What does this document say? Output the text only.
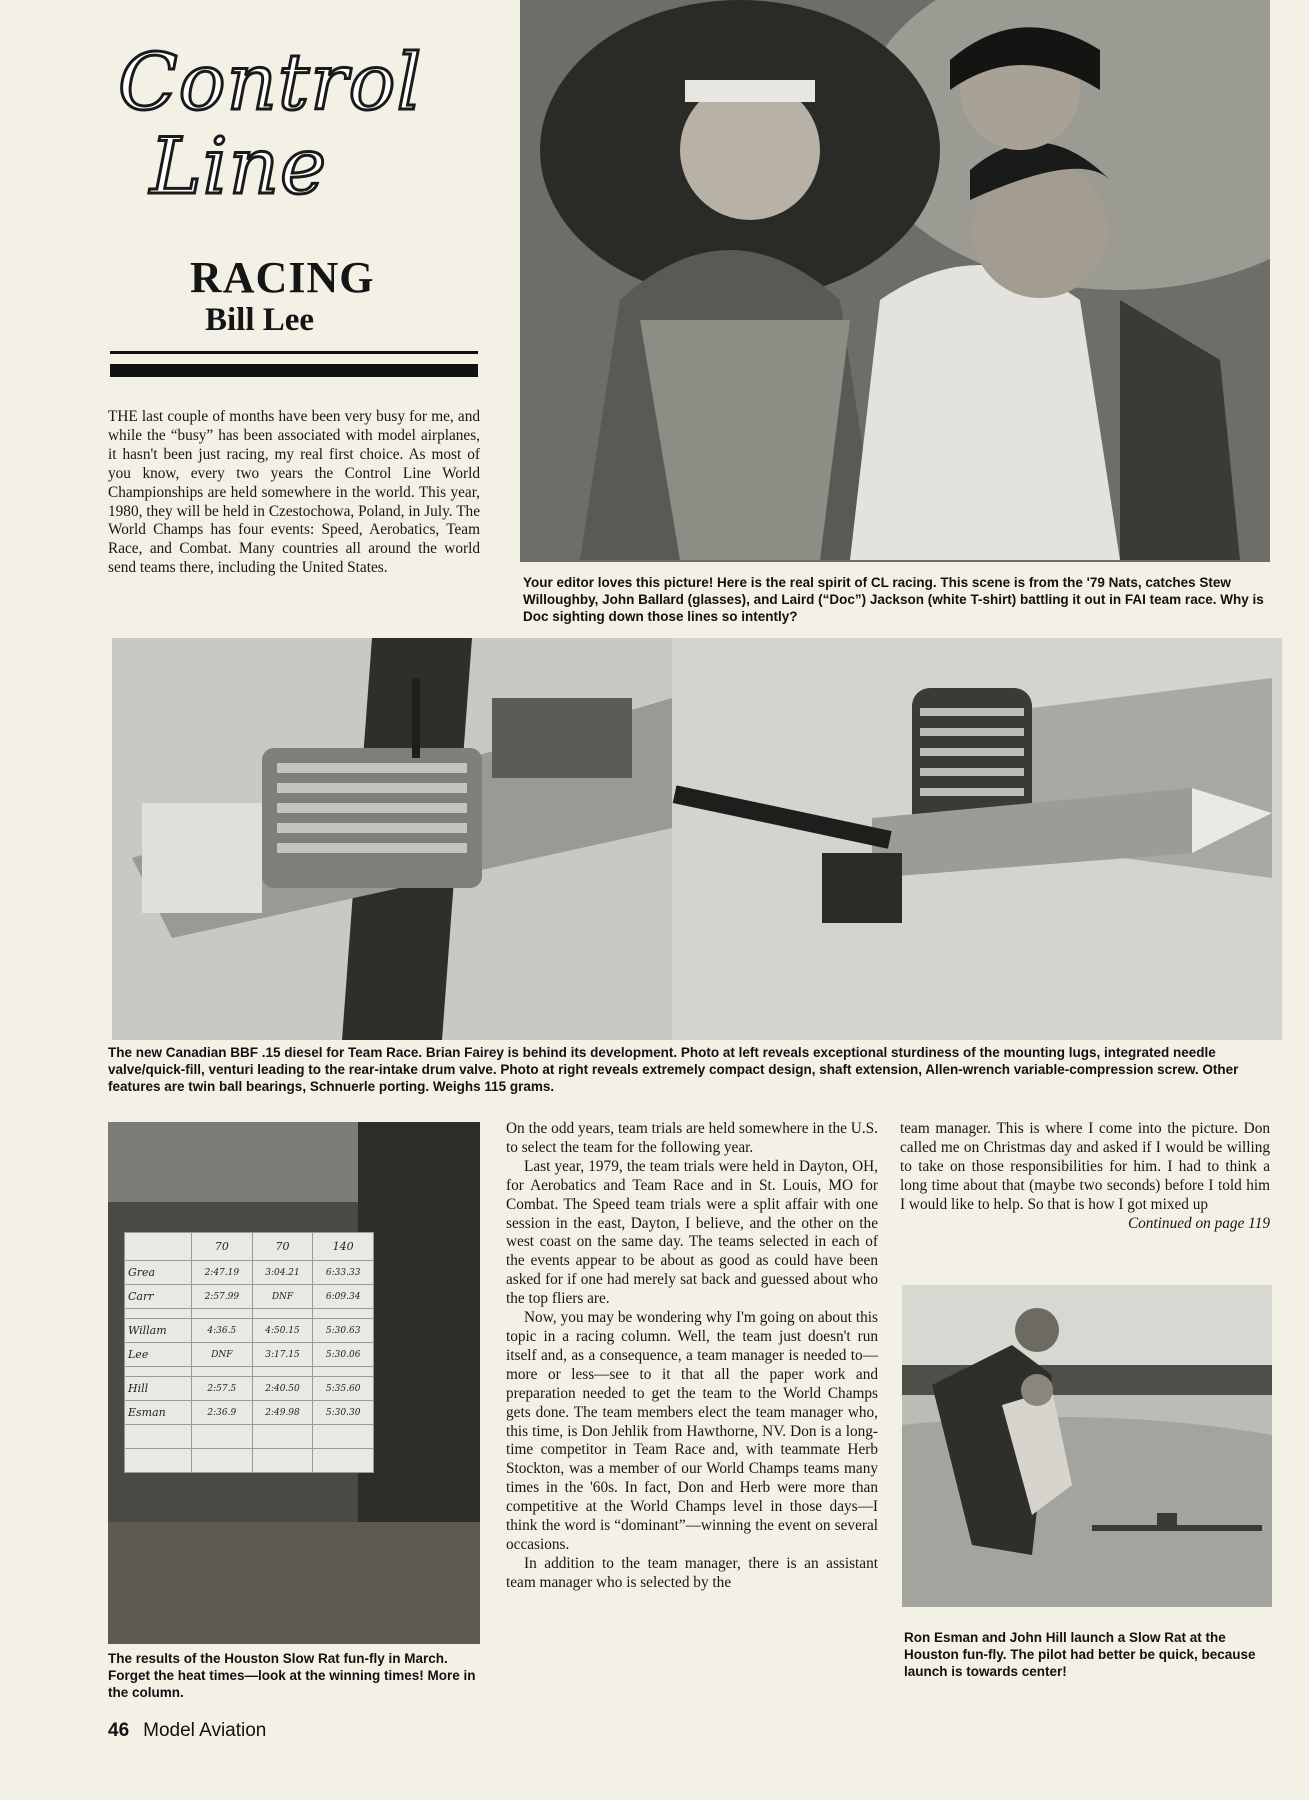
Control
Line
RACING
Bill Lee

THE last couple of months have been very busy for me, and while the “busy” has been associated with model airplanes, it hasn't been just racing, my real first choice. As most of you know, every two years the Control Line World Championships are held somewhere in the world. This year, 1980, they will be held in Czestochowa, Poland, in July. The World Champs has four events: Speed, Aerobatics, Team Race, and Combat. Many countries all around the world send teams there, including the United States.

Your editor loves this picture! Here is the real spirit of CL racing. This scene is from the '79 Nats, catches Stew Willoughby, John Ballard (glasses), and Laird (“Doc”) Jackson (white T-shirt) battling it out in FAI team race. Why is Doc sighting down those lines so intently?
The new Canadian BBF .15 diesel for Team Race. Brian Fairey is behind its development. Photo at left reveals exceptional sturdiness of the mounting lugs, integrated needle valve/quick-fill, venturi leading to the rear-intake drum valve. Photo at right reveals extremely compact design, shaft extension, Allen-wrench variable-compression screw. Other features are twin ball bearings, Schnuerle porting. Weighs 115 grams.
	70	70	140
Grea	2:47.19	3:04.21	6:33.33
Carr	2:57.99	DNF	6:09.34

Willam	4:36.5	4:50.15	5:30.63
Lee	DNF	3:17.15	5:30.06

Hill	2:57.5	2:40.50	5:35.60
Esman	2:36.9	2:49.98	5:30.30

The results of the Houston Slow Rat fun-fly in March. Forget the heat times—look at the winning times! More in the column.

On the odd years, team trials are held somewhere in the U.S. to select the team for the following year.

Last year, 1979, the team trials were held in Dayton, OH, for Aerobatics and Team Race and in St. Louis, MO for Combat. The Speed team trials were a split affair with one session in the east, Dayton, I believe, and the other on the west coast on the same day. The teams selected in each of the events appear to be about as good as could have been asked for if one had merely sat back and guessed about who the top fliers are.

Now, you may be wondering why I'm going on about this topic in a racing column. Well, the team just doesn't run itself and, as a consequence, a team manager is needed to—more or less—see to it that all the paper work and preparation needed to get the team to the World Champs gets done. The team members elect the team manager who, this time, is Don Jehlik from Hawthorne, NV. Don is a long-time competitor in Team Race and, with teammate Herb Stockton, was a member of our World Champs teams many times in the '60s. In fact, Don and Herb were more than competitive at the World Champs level in those days—I think the word is “dominant”—winning the event on several occasions.

In addition to the team manager, there is an assistant team manager who is selected by the

team manager. This is where I come into the picture. Don called me on Christmas day and asked if I would be willing to take on those responsibilities for him. I had to think a long time about that (maybe two seconds) before I told him I would like to help. So that is how I got mixed up

Continued on page 119
Ron Esman and John Hill launch a Slow Rat at the Houston fun-fly. The pilot had better be quick, because launch is towards center!
46 Model Aviation
